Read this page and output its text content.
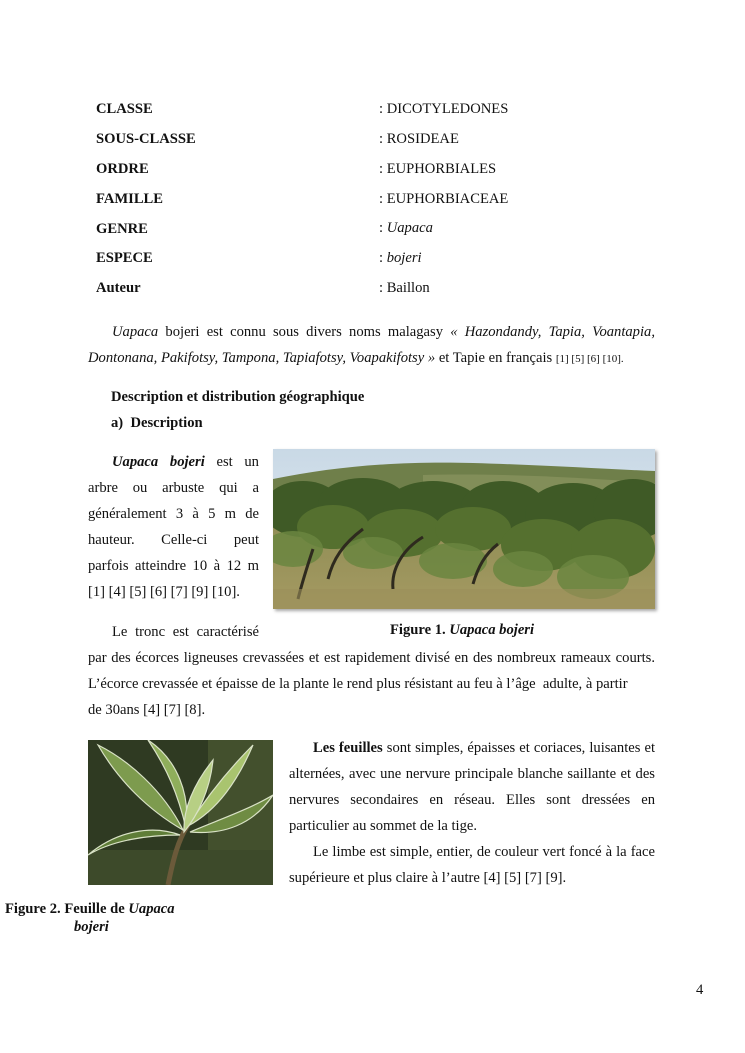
CLASSE	: DICOTYLEDONES
SOUS-CLASSE	: ROSIDEAE
ORDRE	: EUPHORBIALES
FAMILLE	: EUPHORBIACEAE
GENRE	: Uapaca
ESPECE	: bojeri
Auteur	: Baillon
Uapaca bojeri est connu sous divers noms malagasy « Hazondandy, Tapia, Voantapia,
Dontonana, Pakifotsy, Tampona, Tapiafotsy, Voapakifotsy » et Tapie en français [1] [5] [6] [10].
Description et distribution géographique
a) Description
Uapaca bojeri est un
arbre ou arbuste qui a
généralement 3 à 5 m de
hauteur. Celle-ci peut
parfois atteindre 10 à 12 m
[1] [4] [5] [6] [7] [9] [10].
Figure 1. Uapaca bojeri
Le tronc est caractérisé
par des écorces ligneuses crevassées et est rapidement divisé en des nombreux rameaux courts.
L’écorce crevassée et épaisse de la plante le rend plus résistant au feu à l’âge  adulte, à partir
de 30ans [4] [7] [8].
Les feuilles sont simples, épaisses et coriaces, luisantes et
alternées, avec une nervure principale blanche saillante et des
nervures secondaires en réseau. Elles sont dressées en
particulier au sommet de la tige.
Le limbe est simple, entier, de couleur vert foncé à la face
supérieure et plus claire à l’autre [4] [5] [7] [9].
Figure 2. Feuille de Uapaca
bojeri
4
